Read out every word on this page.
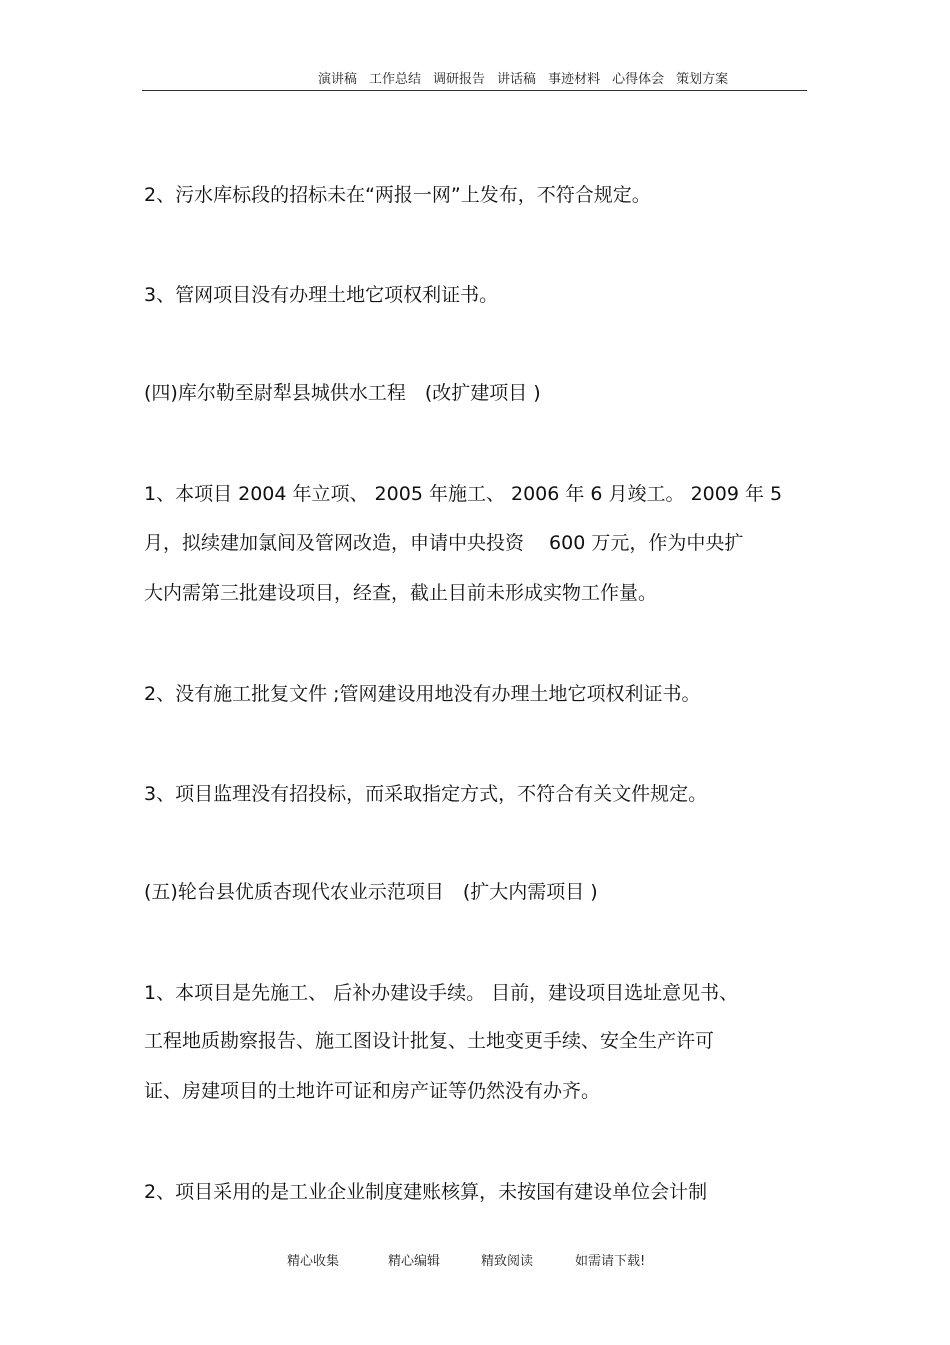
演讲稿 工作总结 调研报告 讲话稿 事迹材料 心得体会 策划方案
2、污水库标段的招标未在“两报一网”上发布，不符合规定。
3、管网项目没有办理土地它项权利证书。
(四)库尔勒至尉犁县城供水工程　(改扩建项目 )
1、本项目 2004 年立项、 2005 年施工、 2006 年 6 月竣工。 2009 年 5
月，拟续建加氯间及管网改造，申请中央投资　 600 万元，作为中央扩
大内需第三批建设项目，经查，截止目前未形成实物工作量。
2、没有施工批复文件 ;管网建设用地没有办理土地它项权利证书。
3、项目监理没有招投标，而采取指定方式，不符合有关文件规定。
(五)轮台县优质杏现代农业示范项目　(扩大内需项目 )
1、本项目是先施工、 后补办建设手续。 目前，建设项目选址意见书、
工程地质勘察报告、施工图设计批复、土地变更手续、安全生产许可
证、房建项目的土地许可证和房产证等仍然没有办齐。
2、项目采用的是工业企业制度建账核算，未按国有建设单位会计制
精心收集	精心编辑	精致阅读	如需请下载!
